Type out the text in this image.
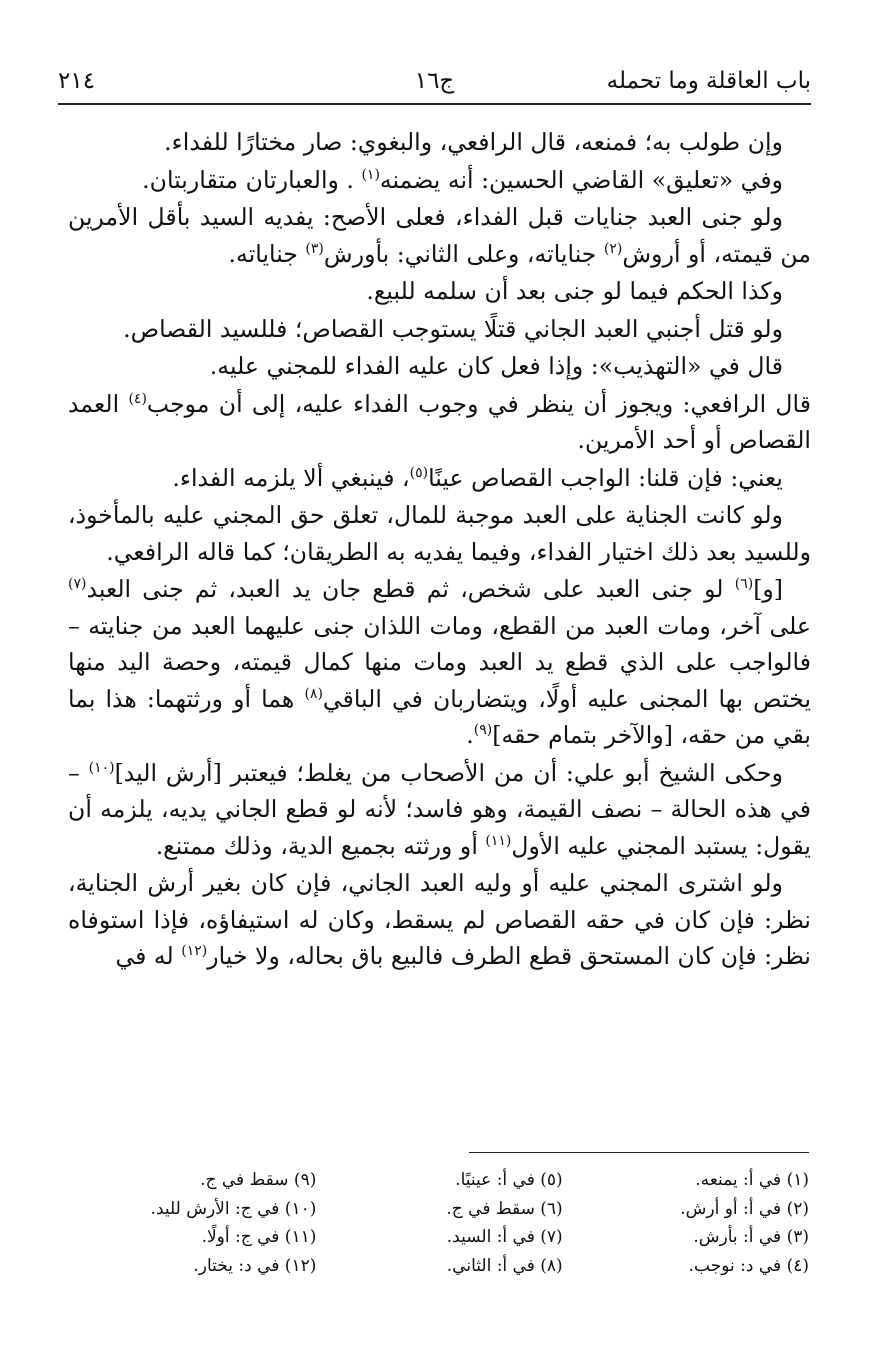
باب العاقلة وما تحمله
ج١٦
٢١٤

وإن طولب به؛ فمنعه، قال الرافعي، والبغوي: صار مختارًا للفداء.

وفي «تعليق» القاضي الحسين: أنه يضمنه$^{(١)}$ . والعبارتان متقاربتان.

ولو جنى العبد جنايات قبل الفداء، فعلى الأصح: يفديه السيد بأقل الأمرين من قيمته، أو أروش$^{(٢)}$ جناياته، وعلى الثاني: بأورش$^{(٣)}$ جناياته.

وكذا الحكم فيما لو جنى بعد أن سلمه للبيع.

ولو قتل أجنبي العبد الجاني قتلًا يستوجب القصاص؛ فللسيد القصاص.

قال في «التهذيب»: وإذا فعل كان عليه الفداء للمجني عليه.

قال الرافعي: ويجوز أن ينظر في وجوب الفداء عليه، إلى أن موجب$^{(٤)}$ العمد القصاص أو أحد الأمرين.

يعني: فإن قلنا: الواجب القصاص عينًا$^{(٥)}$، فينبغي ألا يلزمه الفداء.

ولو كانت الجناية على العبد موجبة للمال، تعلق حق المجني عليه بالمأخوذ، وللسيد بعد ذلك اختيار الفداء، وفيما يفديه به الطريقان؛ كما قاله الرافعي.

[و]$^{(٦)}$ لو جنى العبد على شخص، ثم قطع جان يد العبد، ثم جنى العبد$^{(٧)}$ على آخر، ومات العبد من القطع، ومات اللذان جنى عليهما العبد من جنايته – فالواجب على الذي قطع يد العبد ومات منها كمال قيمته، وحصة اليد منها يختص بها المجنى عليه أولًا، ويتضاربان في الباقي$^{(٨)}$ هما أو ورثتهما: هذا بما بقي من حقه، [والآخر بتمام حقه]$^{(٩)}$.

وحكى الشيخ أبو علي: أن من الأصحاب من يغلط؛ فيعتبر [أرش اليد]$^{(١٠)}$ – في هذه الحالة – نصف القيمة، وهو فاسد؛ لأنه لو قطع الجاني يديه، يلزمه أن يقول: يستبد المجني عليه الأول$^{(١١)}$ أو ورثته بجميع الدية، وذلك ممتنع.

ولو اشترى المجني عليه أو وليه العبد الجاني، فإن كان بغير أرش الجناية، نظر: فإن كان في حقه القصاص لم يسقط، وكان له استيفاؤه، فإذا استوفاه نظر: فإن كان المستحق قطع الطرف فالبيع باق بحاله، ولا خيار$^{(١٢)}$ له في

(١) في أ: يمنعه.
(٢) في أ: أو أرش.
(٣) في أ: بأرش.
(٤) في د: نوجب.
(٥) في أ: عينيًا.
(٦) سقط في ج.
(٧) في أ: السيد.
(٨) في أ: الثاني.
(٩) سقط في ج.
(١٠) في ج: الأرش لليد.
(١١) في ج: أولًا.
(١٢) في د: يختار.
